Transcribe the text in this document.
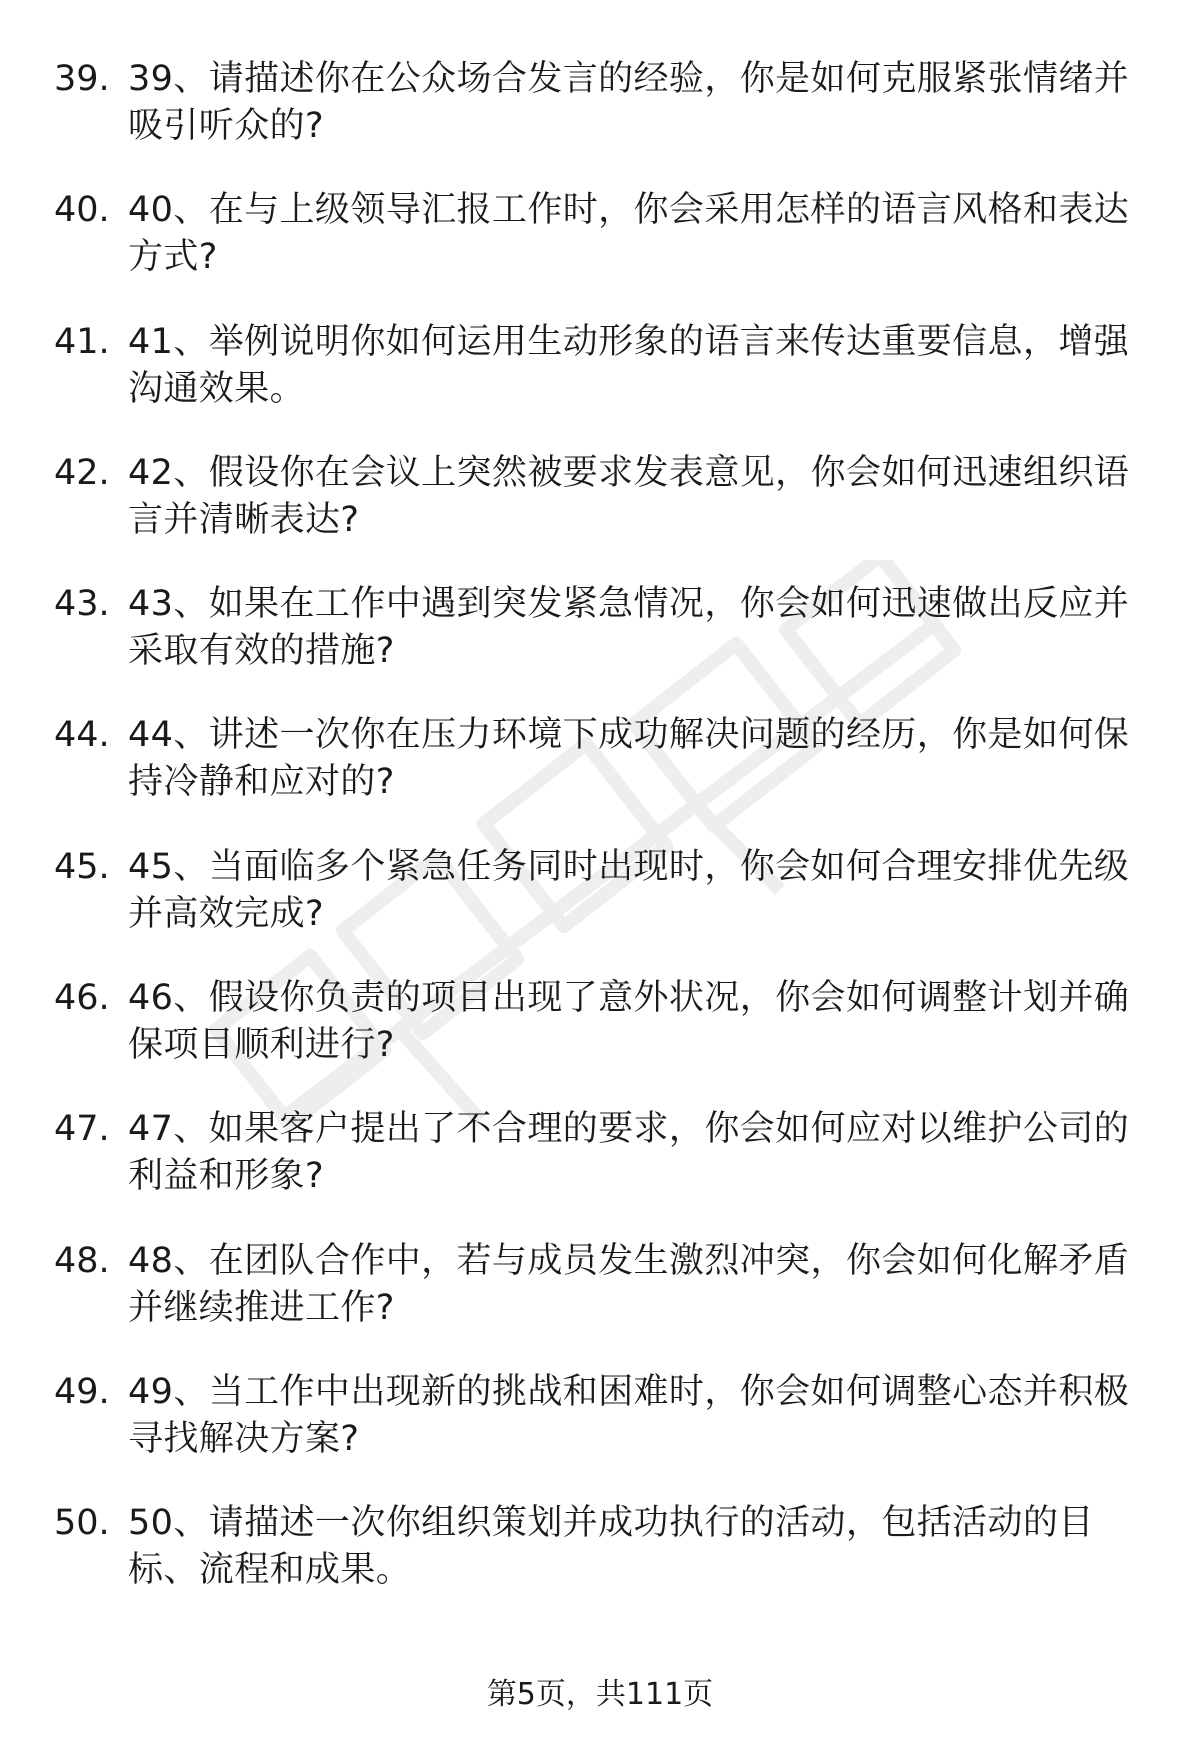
39. 39、请描述你在公众场合发言的经验，你是如何克服紧张情绪并吸引听众的?
40. 40、在与上级领导汇报工作时，你会采用怎样的语言风格和表达方式?
41. 41、举例说明你如何运用生动形象的语言来传达重要信息，增强沟通效果。
42. 42、假设你在会议上突然被要求发表意见，你会如何迅速组织语言并清晰表达?
43. 43、如果在工作中遇到突发紧急情况，你会如何迅速做出反应并采取有效的措施?
44. 44、讲述一次你在压力环境下成功解决问题的经历，你是如何保持冷静和应对的?
45. 45、当面临多个紧急任务同时出现时，你会如何合理安排优先级并高效完成?
46. 46、假设你负责的项目出现了意外状况，你会如何调整计划并确保项目顺利进行?
47. 47、如果客户提出了不合理的要求，你会如何应对以维护公司的利益和形象?
48. 48、在团队合作中，若与成员发生激烈冲突，你会如何化解矛盾并继续推进工作?
49. 49、当工作中出现新的挑战和困难时，你会如何调整心态并积极寻找解决方案?
50. 50、请描述一次你组织策划并成功执行的活动，包括活动的目标、流程和成果。
第5页，共111页
